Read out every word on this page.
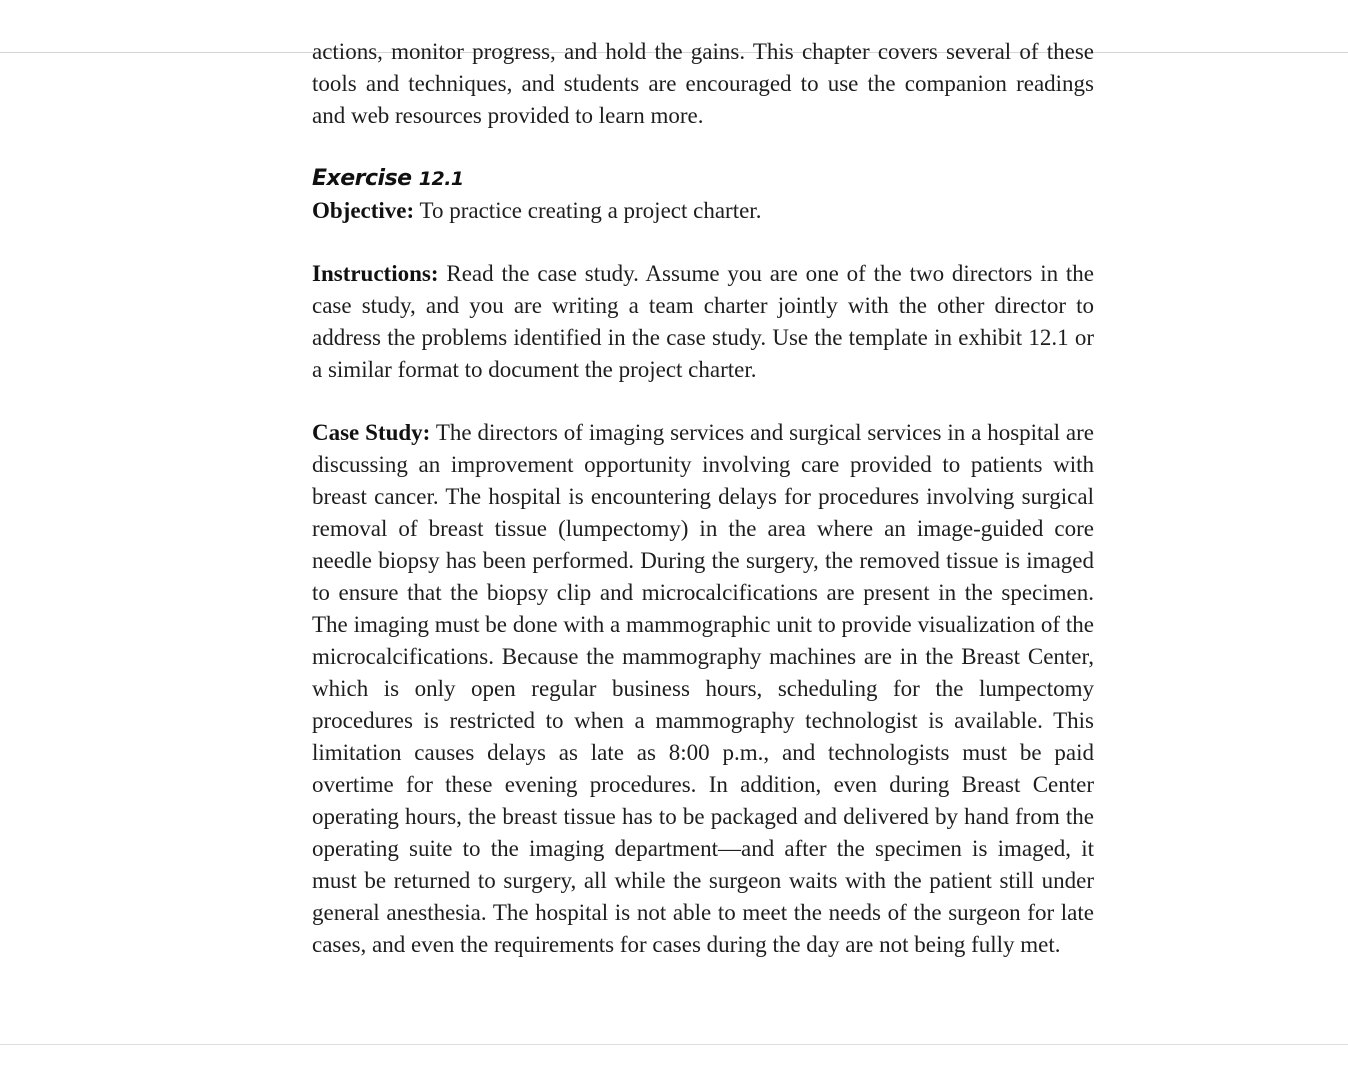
actions, monitor progress, and hold the gains. This chapter covers several of these tools and techniques, and students are encouraged to use the companion readings and web resources provided to learn more.

Exercise 12.1

Objective: To practice creating a project charter.

Instructions: Read the case study. Assume you are one of the two directors in the case study, and you are writing a team charter jointly with the other director to address the problems identified in the case study. Use the template in exhibit 12.1 or a similar format to document the project charter.

Case Study: The directors of imaging services and surgical services in a hospital are discussing an improvement opportunity involving care provided to patients with breast cancer. The hospital is encountering delays for procedures involving surgical removal of breast tissue (lumpectomy) in the area where an image-guided core needle biopsy has been performed. During the surgery, the removed tissue is imaged to ensure that the biopsy clip and microcalcifications are present in the specimen. The imaging must be done with a mammographic unit to provide visualization of the microcalcifications. Because the mammography machines are in the Breast Center, which is only open regular business hours, scheduling for the lumpectomy procedures is restricted to when a mammography technologist is available. This limitation causes delays as late as 8:00 p.m., and technologists must be paid overtime for these evening procedures. In addition, even during Breast Center operating hours, the breast tissue has to be packaged and delivered by hand from the operating suite to the imaging department—and after the specimen is imaged, it must be returned to surgery, all while the surgeon waits with the patient still under general anesthesia. The hospital is not able to meet the needs of the surgeon for late cases, and even the requirements for cases during the day are not being fully met.
